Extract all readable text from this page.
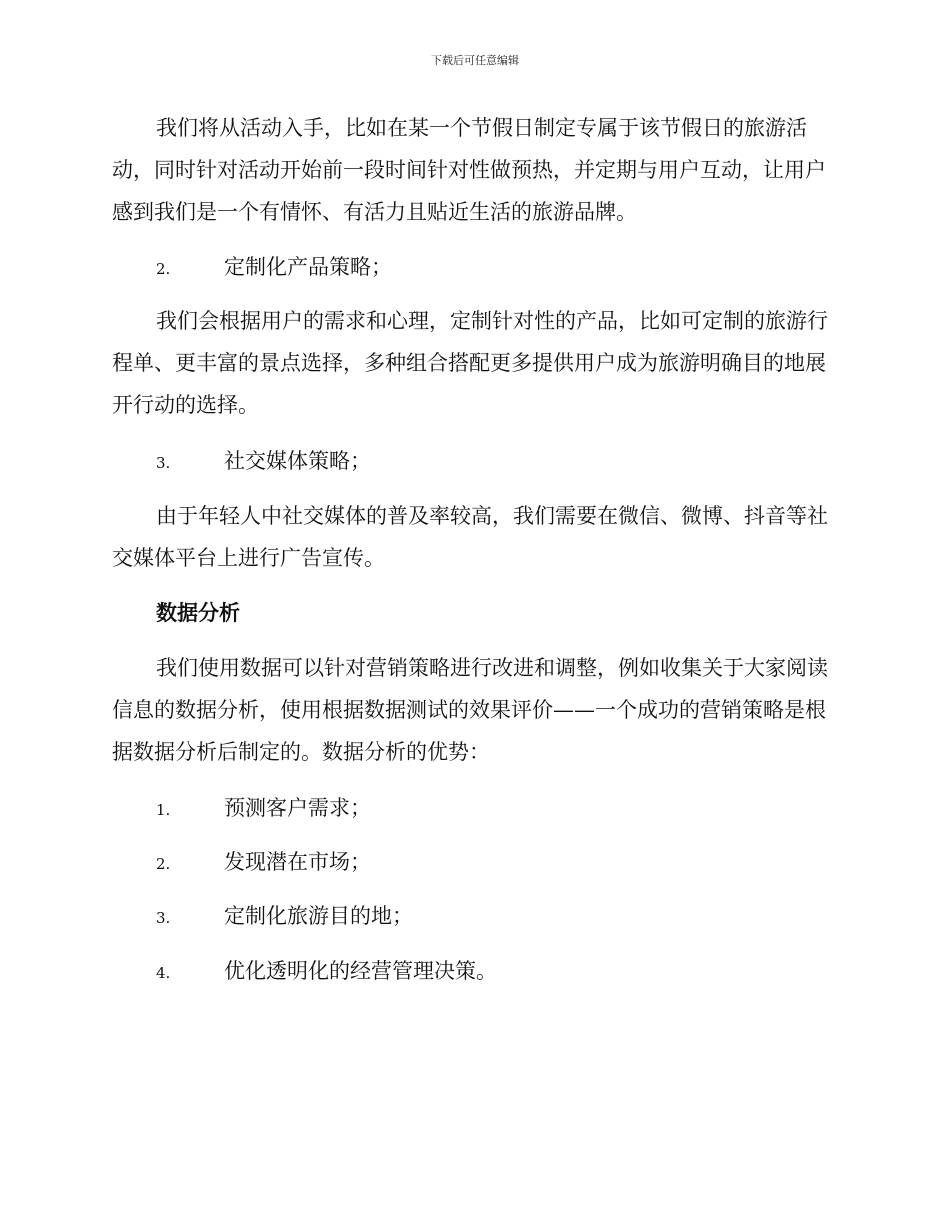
下载后可任意编辑

我们将从活动入手，比如在某一个节假日制定专属于该节假日的旅游活动，同时针对活动开始前一段时间针对性做预热，并定期与用户互动，让用户感到我们是一个有情怀、有活力且贴近生活的旅游品牌。

2.	定制化产品策略；

我们会根据用户的需求和心理，定制针对性的产品，比如可定制的旅游行程单、更丰富的景点选择，多种组合搭配更多提供用户成为旅游明确目的地展开行动的选择。

3.	社交媒体策略；

由于年轻人中社交媒体的普及率较高，我们需要在微信、微博、抖音等社交媒体平台上进行广告宣传。

数据分析

我们使用数据可以针对营销策略进行改进和调整，例如收集关于大家阅读信息的数据分析，使用根据数据测试的效果评价——一个成功的营销策略是根据数据分析后制定的。数据分析的优势：

1.	预测客户需求；
2.	发现潜在市场；
3.	定制化旅游目的地；
4.	优化透明化的经营管理决策。
